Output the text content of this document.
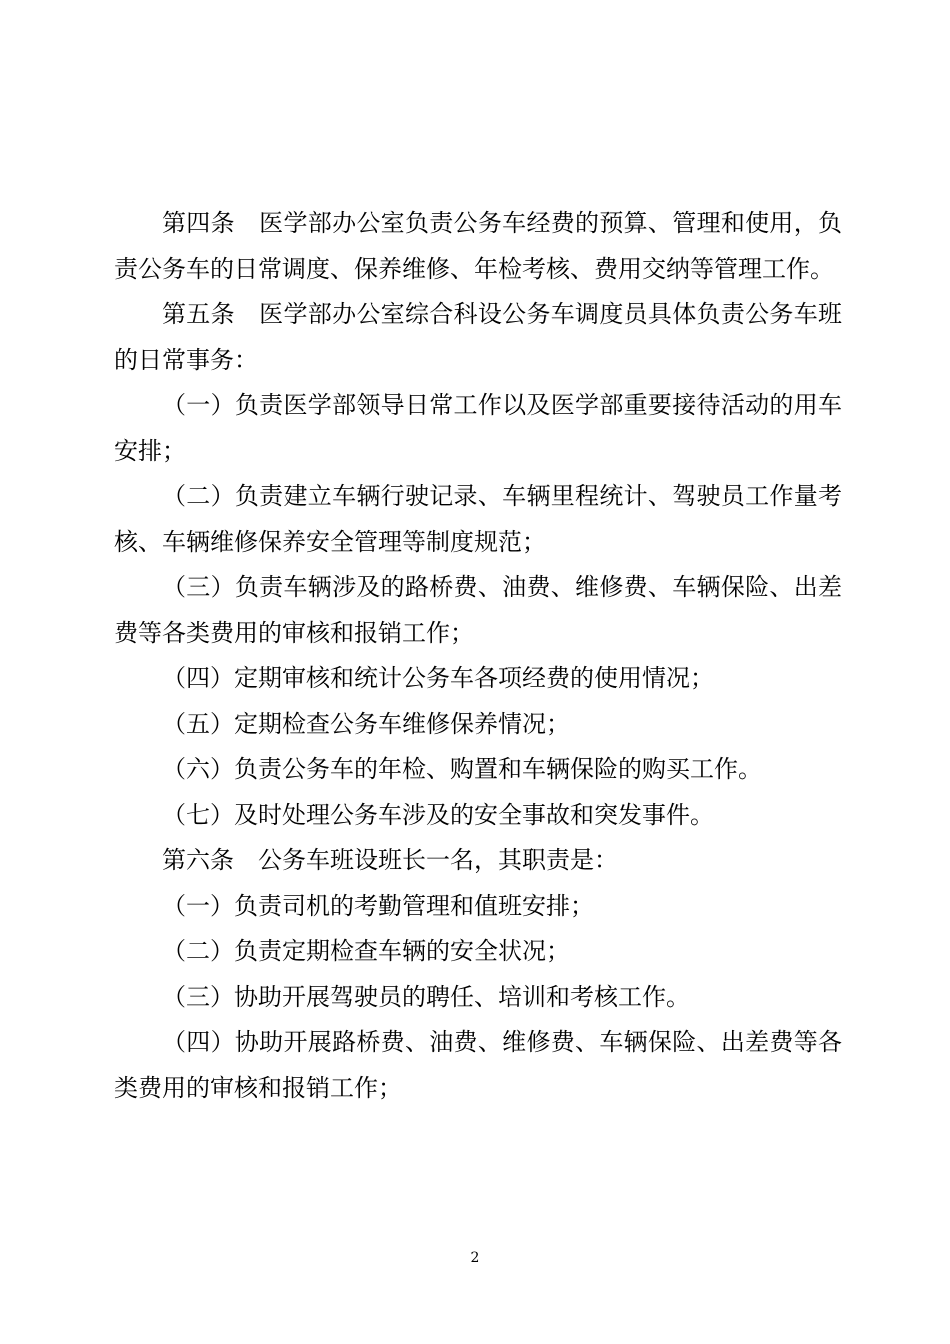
第四条　医学部办公室负责公务车经费的预算、管理和使用，负责公务车的日常调度、保养维修、年检考核、费用交纳等管理工作。

第五条　医学部办公室综合科设公务车调度员具体负责公务车班的日常事务：

（一）负责医学部领导日常工作以及医学部重要接待活动的用车安排；

（二）负责建立车辆行驶记录、车辆里程统计、驾驶员工作量考核、车辆维修保养安全管理等制度规范；

（三）负责车辆涉及的路桥费、油费、维修费、车辆保险、出差费等各类费用的审核和报销工作；

（四）定期审核和统计公务车各项经费的使用情况；

（五）定期检查公务车维修保养情况；

（六）负责公务车的年检、购置和车辆保险的购买工作。

（七）及时处理公务车涉及的安全事故和突发事件。

第六条　公务车班设班长一名，其职责是：

（一）负责司机的考勤管理和值班安排；

（二）负责定期检查车辆的安全状况；

（三）协助开展驾驶员的聘任、培训和考核工作。

（四）协助开展路桥费、油费、维修费、车辆保险、出差费等各类费用的审核和报销工作；

2
